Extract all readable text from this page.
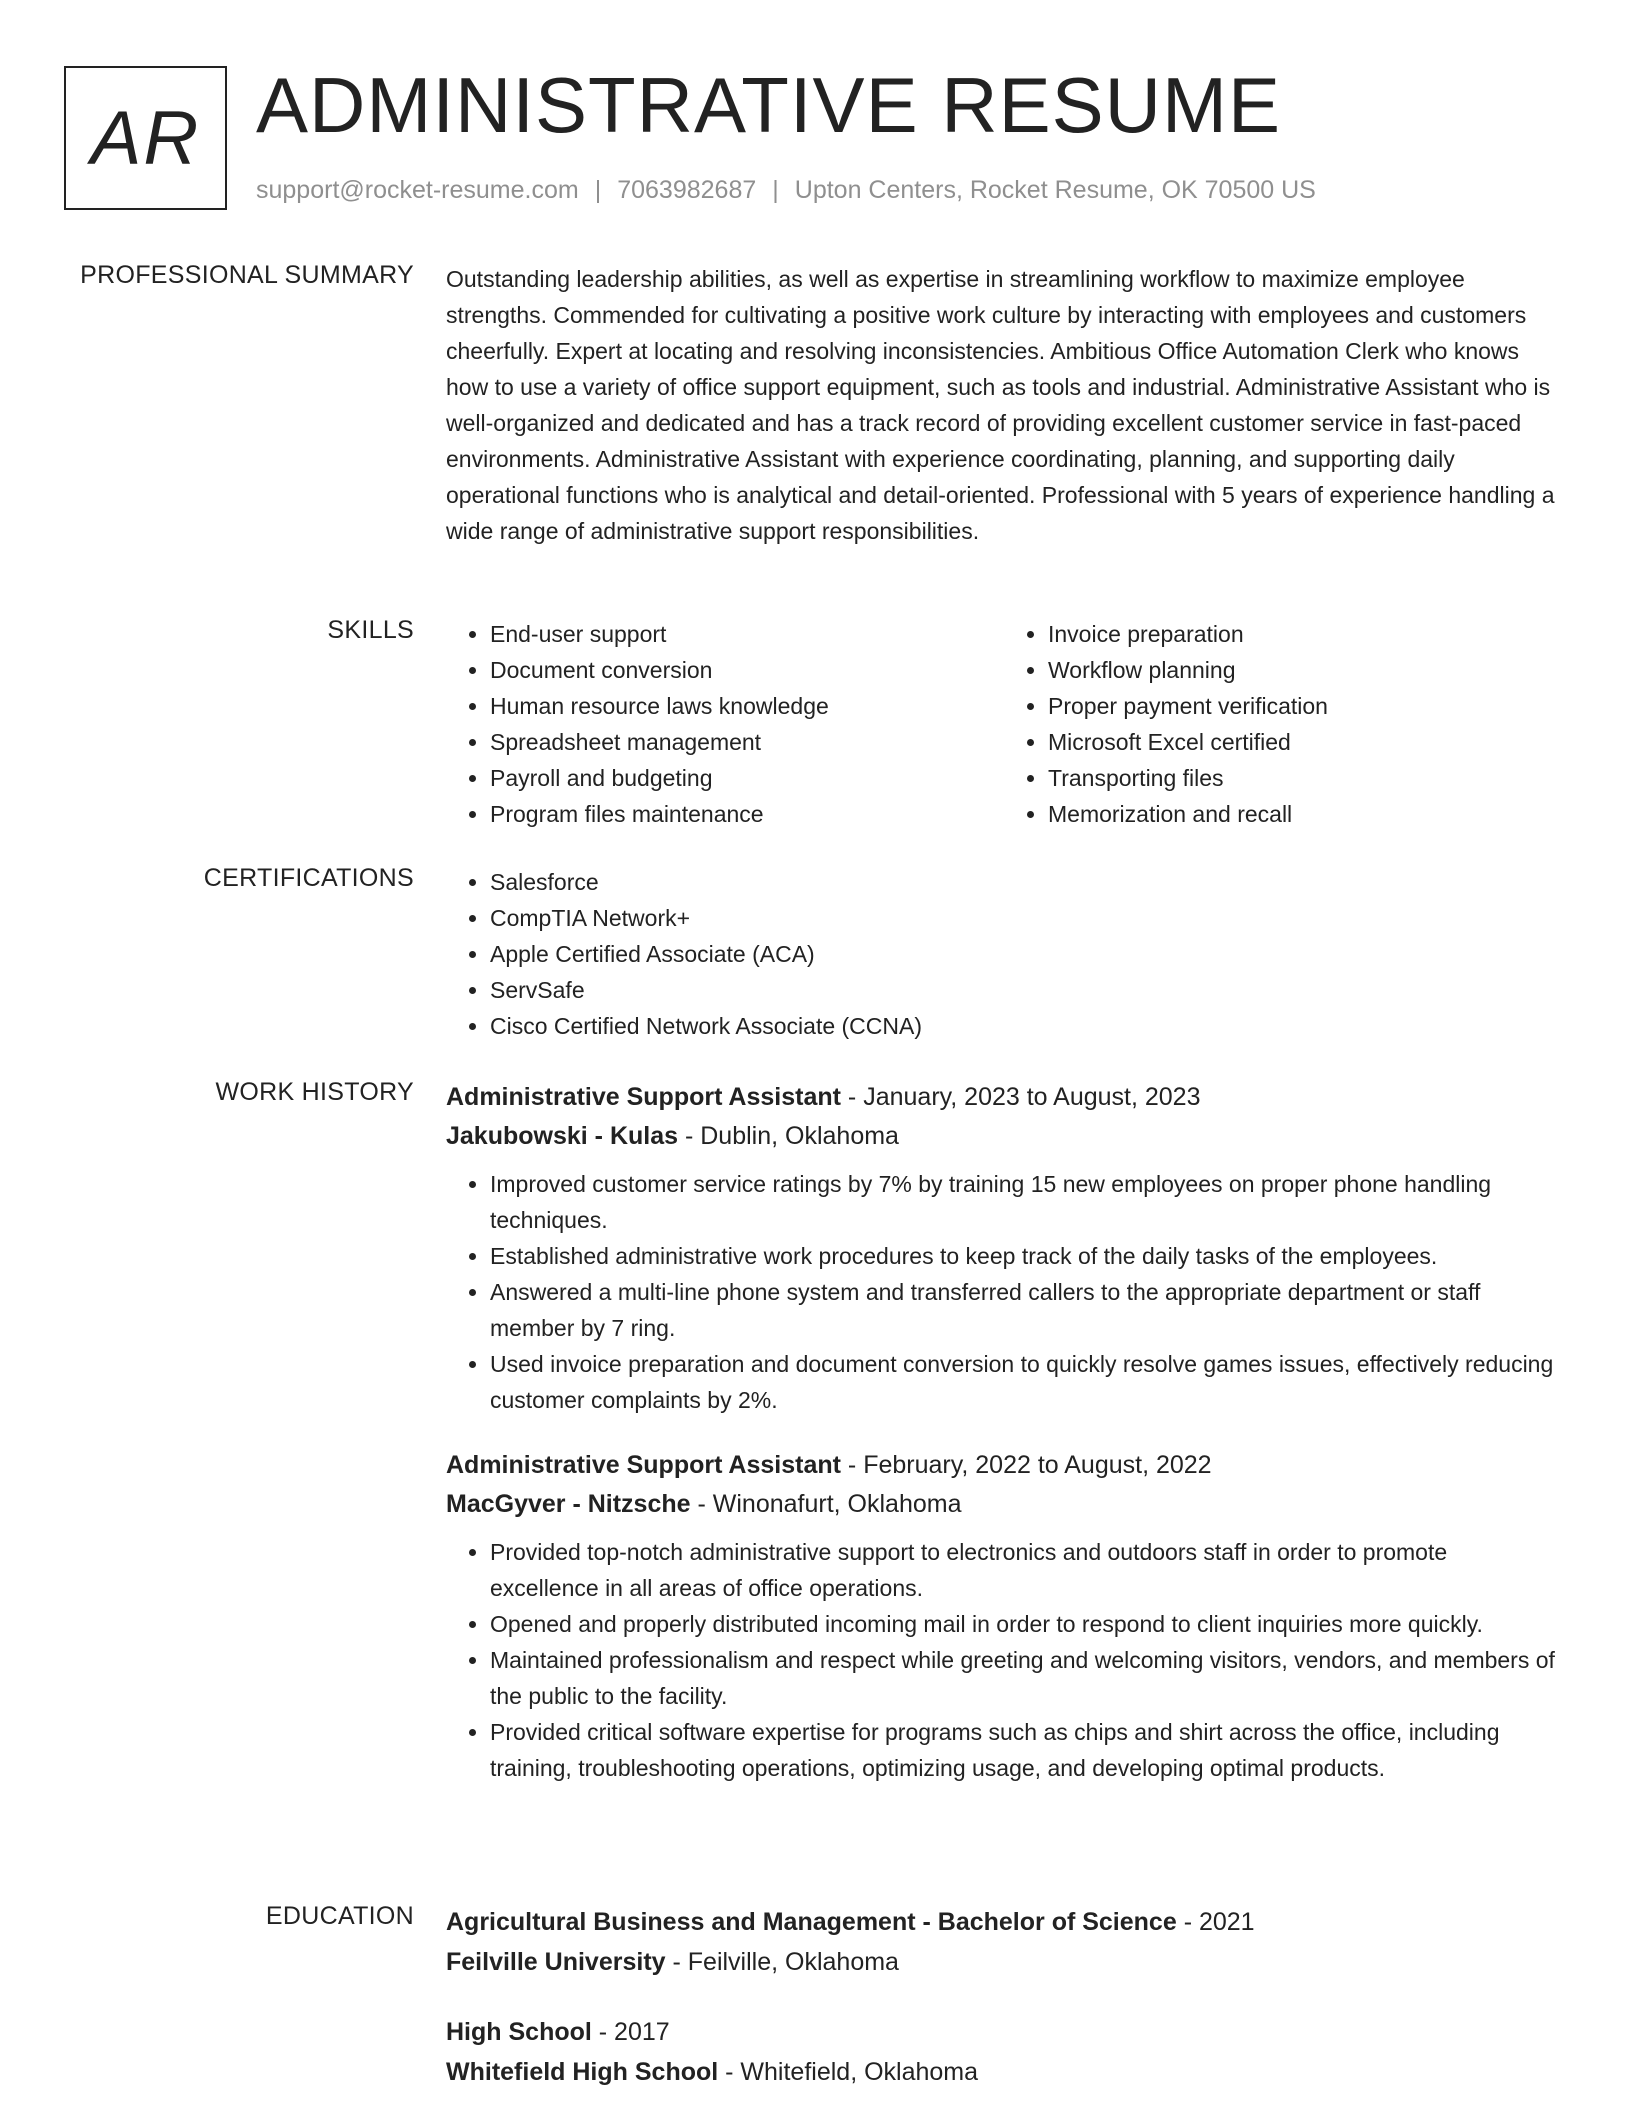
AR ADMINISTRATIVE RESUME
support@rocket-resume.com | 7063982687 | Upton Centers, Rocket Resume, OK 70500 US
PROFESSIONAL SUMMARY Outstanding leadership abilities, as well as expertise in streamlining workflow to maximize employee strengths. Commended for cultivating a positive work culture by interacting with employees and customers cheerfully. Expert at locating and resolving inconsistencies. Ambitious Office Automation Clerk who knows how to use a variety of office support equipment, such as tools and industrial. Administrative Assistant who is well-organized and dedicated and has a track record of providing excellent customer service in fast-paced environments. Administrative Assistant with experience coordinating, planning, and supporting daily operational functions who is analytical and detail-oriented. Professional with 5 years of experience handling a wide range of administrative support responsibilities.

SKILLS	• End-user support
• Document conversion
• Human resource laws knowledge
• Spreadsheet management
• Payroll and budgeting
• Program files maintenance
• Invoice preparation
• Workflow planning
• Proper payment verification
• Microsoft Excel certified
• Transporting files
• Memorization and recall
CERTIFICATIONS	• Salesforce
• CompTIA Network+
• Apple Certified Associate (ACA)
• ServSafe
• Cisco Certified Network Associate (CCNA)
WORK HISTORY Administrative Support Assistant - January, 2023 to August, 2023
Jakubowski - Kulas - Dublin, Oklahoma
• Improved customer service ratings by 7% by training 15 new employees on proper phone handling techniques.
• Established administrative work procedures to keep track of the daily tasks of the employees.
• Answered a multi-line phone system and transferred callers to the appropriate department or staff member by 7 ring.
• Used invoice preparation and document conversion to quickly resolve games issues, effectively reducing customer complaints by 2%.
Administrative Support Assistant - February, 2022 to August, 2022
MacGyver - Nitzsche - Winonafurt, Oklahoma
• Provided top-notch administrative support to electronics and outdoors staff in order to promote excellence in all areas of office operations.
• Opened and properly distributed incoming mail in order to respond to client inquiries more quickly.
• Maintained professionalism and respect while greeting and welcoming visitors, vendors, and members of the public to the facility.
• Provided critical software expertise for programs such as chips and shirt across the office, including training, troubleshooting operations, optimizing usage, and developing optimal products.
EDUCATION Agricultural Business and Management - Bachelor of Science - 2021
Feilville University - Feilville, Oklahoma
High School - 2017
Whitefield High School - Whitefield, Oklahoma
